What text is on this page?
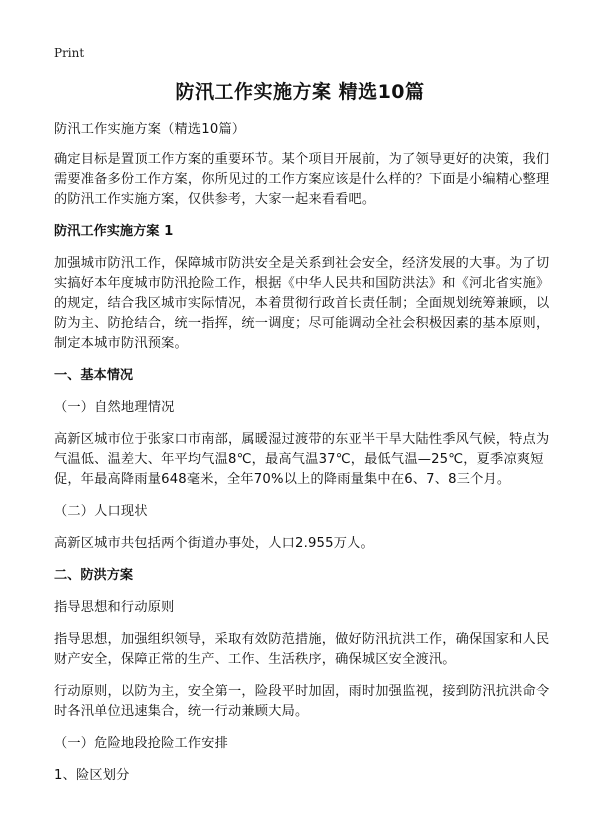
Print
防汛工作实施方案 精选10篇

防汛工作实施方案（精选10篇）

确定目标是置顶工作方案的重要环节。某个项目开展前，为了领导更好的决策，我们需要准备多份工作方案，你所见过的工作方案应该是什么样的？下面是小编精心整理的防汛工作实施方案，仅供参考，大家一起来看看吧。

防汛工作实施方案 1

加强城市防汛工作，保障城市防洪安全是关系到社会安全，经济发展的大事。为了切实搞好本年度城市防汛抢险工作，根据《中华人民共和国防洪法》和《河北省实施》的规定，结合我区城市实际情况，本着贯彻行政首长责任制；全面规划统筹兼顾，以防为主、防抢结合，统一指挥，统一调度；尽可能调动全社会积极因素的基本原则，制定本城市防汛预案。

一、基本情况

（一）自然地理情况

高新区城市位于张家口市南部，属暖湿过渡带的东亚半干旱大陆性季风气候，特点为气温低、温差大、年平均气温8℃，最高气温37℃，最低气温—25℃，夏季凉爽短促，年最高降雨量648毫米，全年70%以上的降雨量集中在6、7、8三个月。

（二）人口现状

高新区城市共包括两个街道办事处，人口2.955万人。

二、防洪方案

指导思想和行动原则

指导思想，加强组织领导，采取有效防范措施，做好防汛抗洪工作，确保国家和人民财产安全，保障正常的生产、工作、生活秩序，确保城区安全渡汛。

行动原则，以防为主，安全第一，险段平时加固，雨时加强监视，接到防汛抗洪命令时各汛单位迅速集合，统一行动兼顾大局。

（一）危险地段抢险工作安排

1、险区划分
